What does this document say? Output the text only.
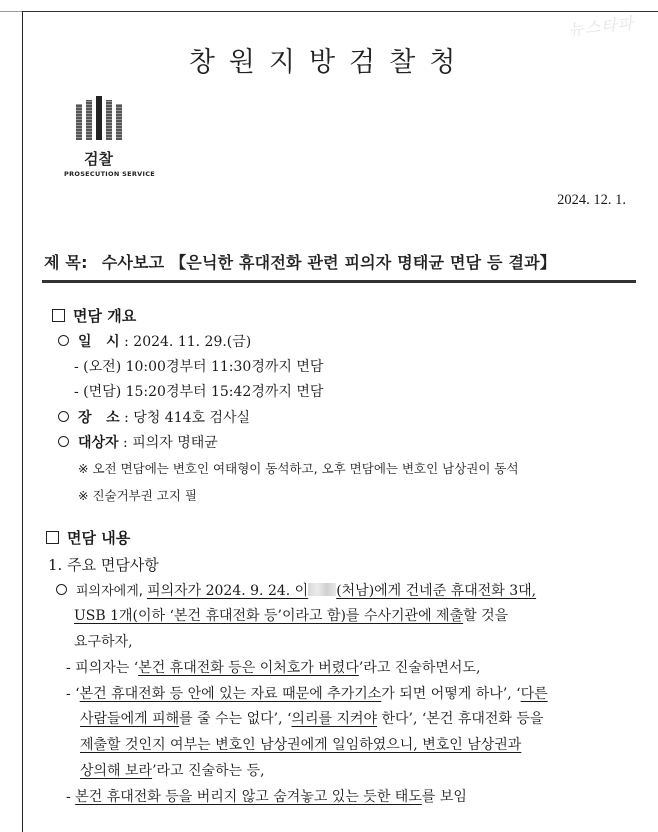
뉴스타파
창원지방검찰청
검찰
PROSECUTION SERVICE
2024. 12. 1.
제 목: 수사보고 【은닉한 휴대전화 관련 피의자 명태균 면담 등 결과】
면담 개요
일   시 : 2024. 11. 29.(금)
- (오전) 10:00경부터 11:30경까지 면담
- (면담) 15:20경부터 15:42경까지 면담
장   소 : 당청 414호 검사실
대상자 : 피의자 명태균
※ 오전 면담에는 변호인 여태형이 동석하고, 오후 면담에는 변호인 남상권이 동석
※ 진술거부권 고지 필
면담 내용
1. 주요 면담사항
피의자에게, 피의자가 2024. 9. 24. 이 (처남)에게 건네준 휴대전화 3대,
USB 1개(이하 ‘본건 휴대전화 등’이라고 함)를 수사기관에 제출할 것을
요구하자,
- 피의자는 ‘본건 휴대전화 등은 이처호가 버렸다’라고 진술하면서도,
- ‘본건 휴대전화 등 안에 있는 자료 때문에 추가기소가 되면 어떻게 하나’, ‘다른
사람들에게 피해를 줄 수는 없다’, ‘의리를 지켜야 한다’, ‘본건 휴대전화 등을
제출할 것인지 여부는 변호인 남상권에게 일임하였으니, 변호인 남상권과
상의해 보라’라고 진술하는 등,
- 본건 휴대전화 등을 버리지 않고 숨겨놓고 있는 듯한 태도를 보임
